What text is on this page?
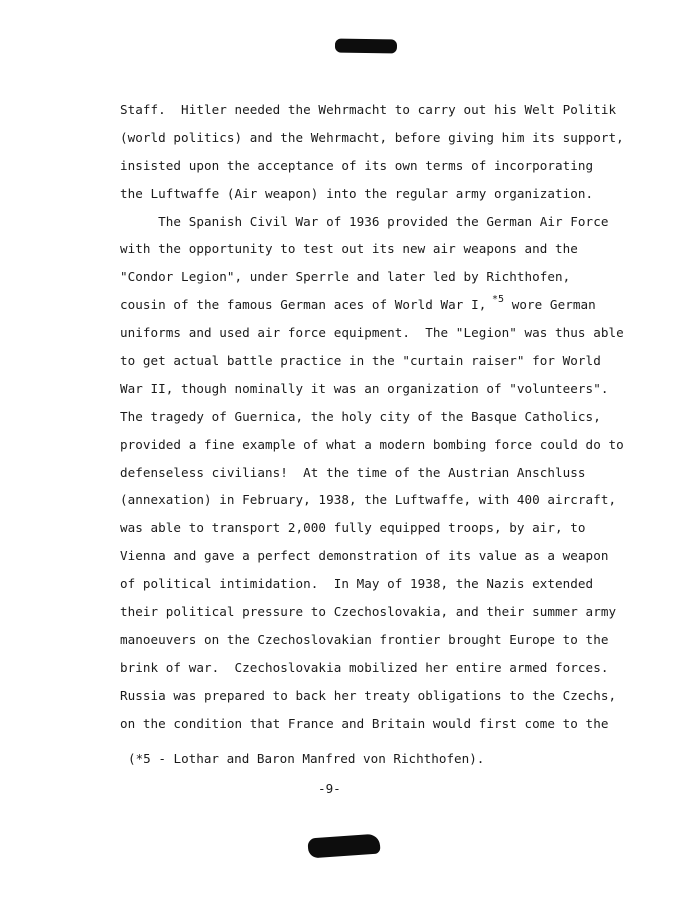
Staff.  Hitler needed the Wehrmacht to carry out his Welt Politik
(world politics) and the Wehrmacht, before giving him its support,
insisted upon the acceptance of its own terms of incorporating
the Luftwaffe (Air weapon) into the regular army organization.
The Spanish Civil War of 1936 provided the German Air Force
with the opportunity to test out its new air weapons and the
"Condor Legion", under Sperrle and later led by Richthofen,
cousin of the famous German aces of World War I, $^{*5}$ wore German
uniforms and used air force equipment.  The "Legion" was thus able
to get actual battle practice in the "curtain raiser" for World
War II, though nominally it was an organization of "volunteers".
The tragedy of Guernica, the holy city of the Basque Catholics,
provided a fine example of what a modern bombing force could do to
defenseless civilians!  At the time of the Austrian Anschluss
(annexation) in February, 1938, the Luftwaffe, with 400 aircraft,
was able to transport 2,000 fully equipped troops, by air, to
Vienna and gave a perfect demonstration of its value as a weapon
of political intimidation.  In May of 1938, the Nazis extended
their political pressure to Czechoslovakia, and their summer army
manoeuvers on the Czechoslovakian frontier brought Europe to the
brink of war.  Czechoslovakia mobilized her entire armed forces.
Russia was prepared to back her treaty obligations to the Czechs,
on the condition that France and Britain would first come to the
(*5 - Lothar and Baron Manfred von Richthofen).
-9-
